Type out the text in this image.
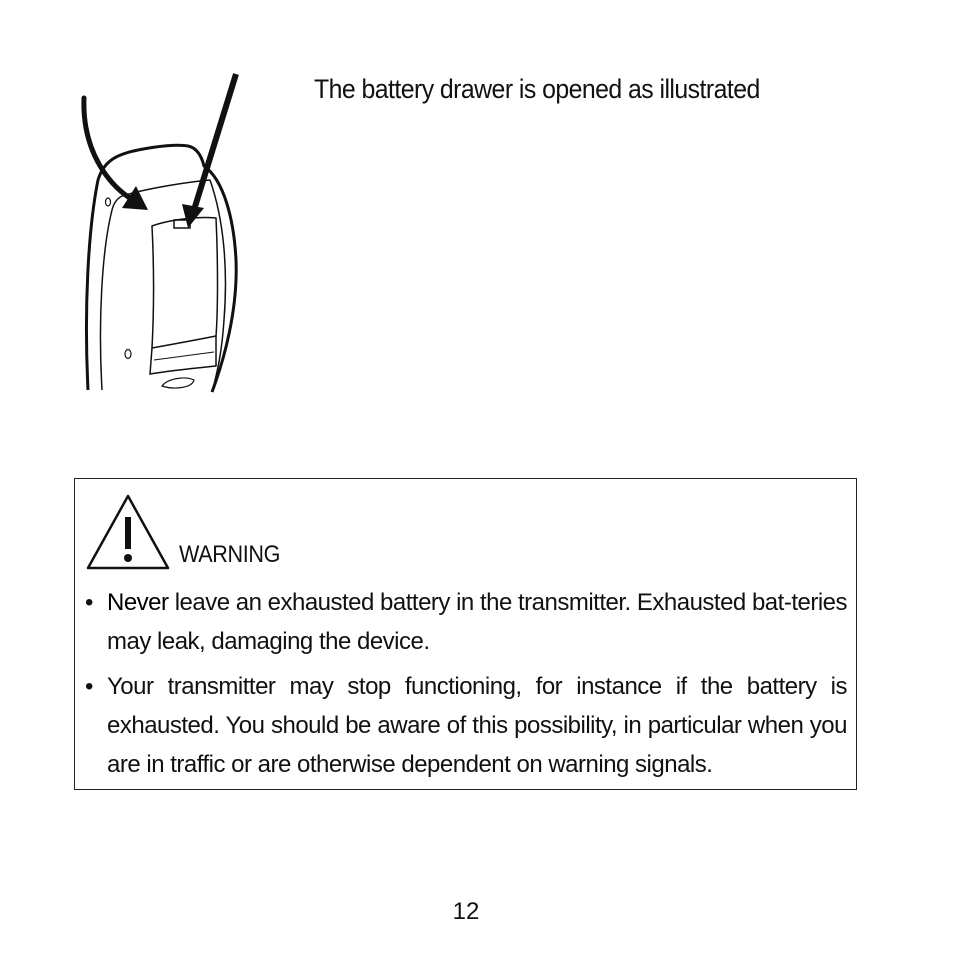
The battery drawer is opened as illustrated
WARNING
• Never leave an exhausted battery in the transmitter. Exhausted bat-teries may leak, damaging the device.
• Your transmitter may stop functioning, for instance if the battery is exhausted. You should be aware of this possibility, in particular when you are in traffic or are otherwise dependent on warning signals.
12
